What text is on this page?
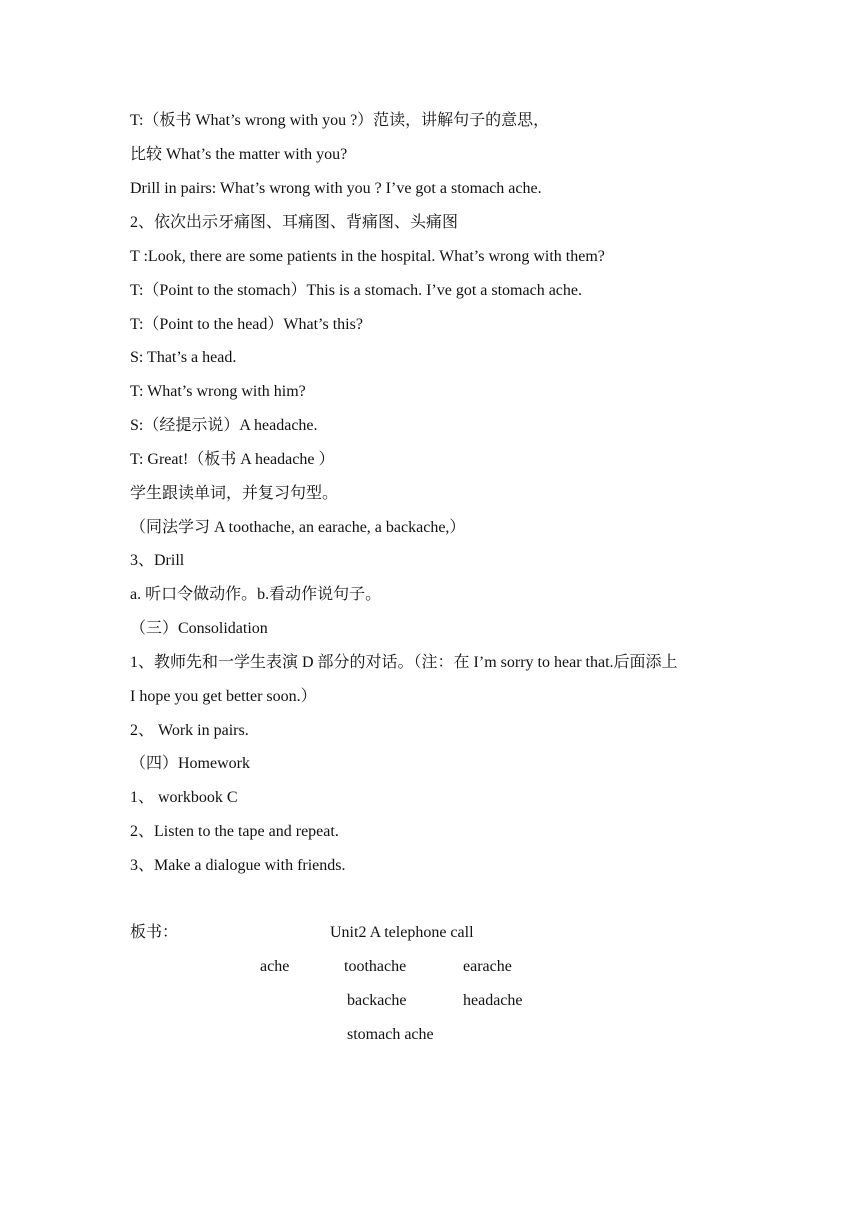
T:（板书 What’s wrong with you ?）范读，讲解句子的意思，
比较 What’s the matter with you?
Drill in pairs: What’s wrong with you ? I’ve got a stomach ache.
2、依次出示牙痛图、耳痛图、背痛图、头痛图
T :Look, there are some patients in the hospital. What’s wrong with them?
T:（Point to the stomach）This is a stomach. I’ve got a stomach ache.
T:（Point to the head）What’s this?
S: That’s a head.
T: What’s wrong with him?
S:（经提示说）A headache.
T: Great!（板书 A headache ）
学生跟读单词，并复习句型。
（同法学习 A toothache, an earache, a backache,）
3、Drill
a. 听口令做动作。b.看动作说句子。
（三）Consolidation
1、教师先和一学生表演 D 部分的对话。（注：在 I’m sorry to hear that.后面添上
I hope you get better soon.）
2、 Work in pairs.
（四）Homework
1、 workbook C
2、Listen to the tape and repeat.
3、Make a dialogue with friends.
板书：	Unit2 A telephone call
ache	toothache	earache
backache	headache
stomach ache
